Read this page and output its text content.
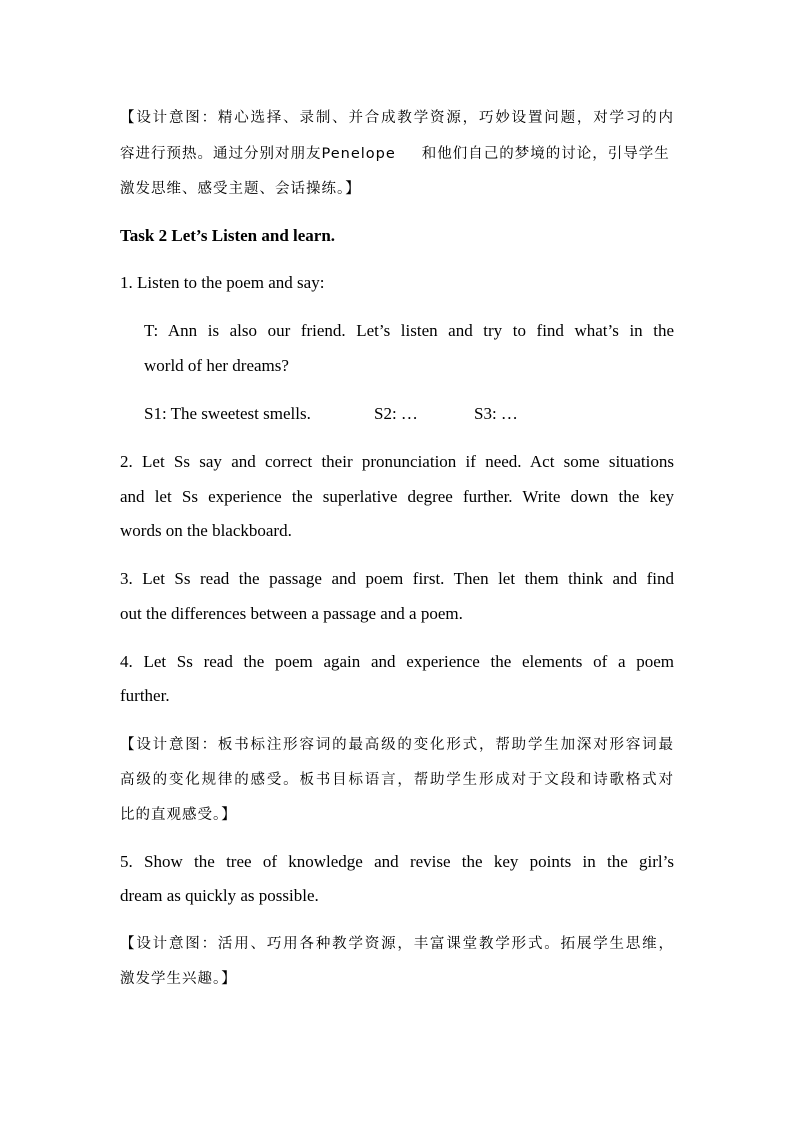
【设计意图：精心选择、录制、并合成教学资源，巧妙设置问题，对学习的内
容进行预热。通过分别对朋友Penelope 和他们自己的梦境的讨论，引导学生
激发思维、感受主题、会话操练。】
Task 2 Let’s Listen and learn.
1. Listen to the poem and say:
T: Ann is also our friend. Let’s listen and try to find what’s in the
world of her dreams?
S1: The sweetest smells.	S2: …	S3: …
2. Let Ss say and correct their pronunciation if need. Act some situations
and let Ss experience the superlative degree further. Write down the key
words on the blackboard.
3. Let Ss read the passage and poem first. Then let them think and find
out the differences between a passage and a poem.
4. Let Ss read the poem again and experience the elements of a poem
further.
【设计意图：板书标注形容词的最高级的变化形式，帮助学生加深对形容词最
高级的变化规律的感受。板书目标语言，帮助学生形成对于文段和诗歌格式对
比的直观感受。】
5. Show the tree of knowledge and revise the key points in the girl’s
dream as quickly as possible.
【设计意图：活用、巧用各种教学资源，丰富课堂教学形式。拓展学生思维，
激发学生兴趣。】
